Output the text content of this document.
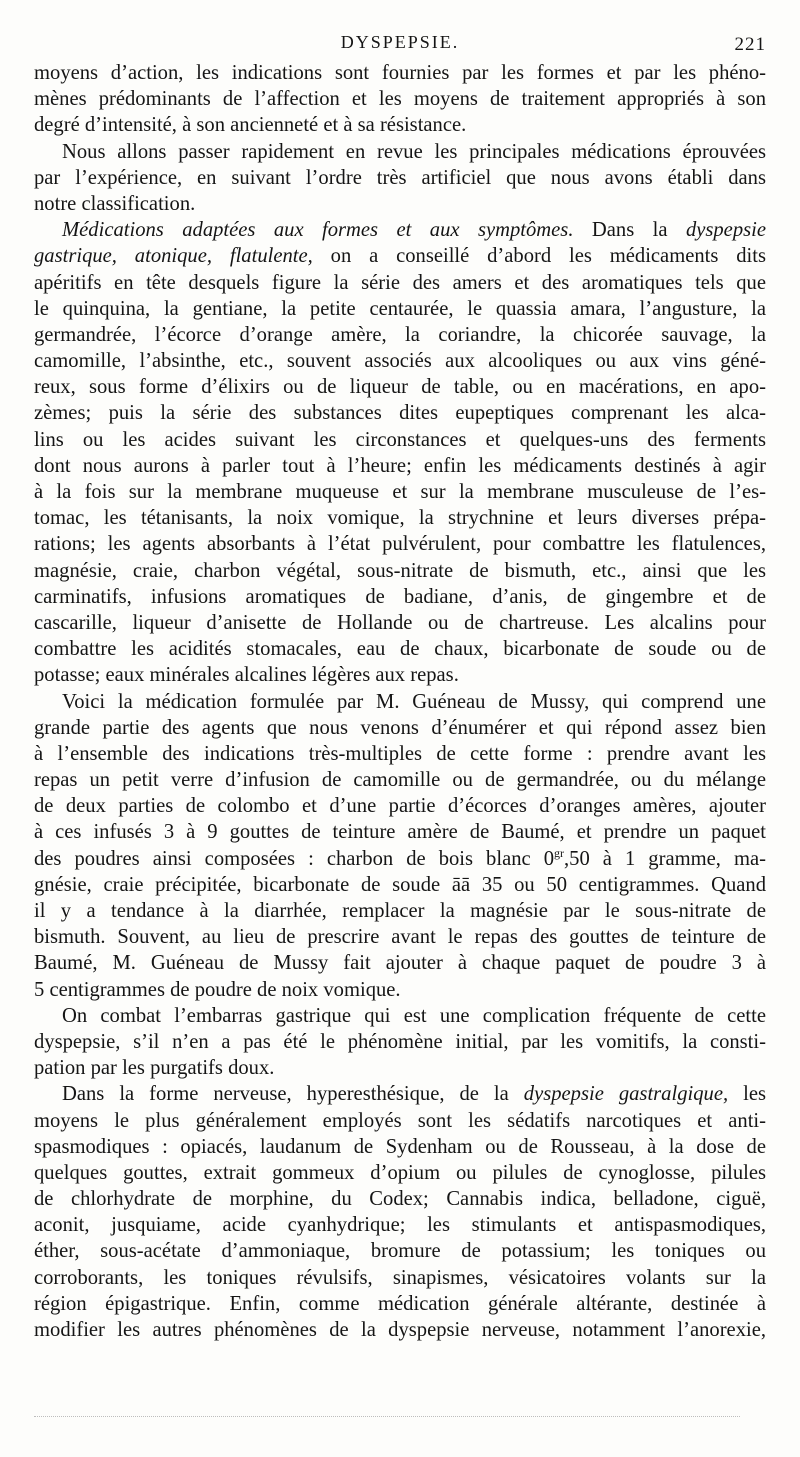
DYSPEPSIE.	221
moyens d’action, les indications sont fournies par les formes et par les phéno-
mènes prédominants de l’affection et les moyens de traitement appropriés à son
degré d’intensité, à son ancienneté et à sa résistance.
Nous allons passer rapidement en revue les principales médications éprouvées
par l’expérience, en suivant l’ordre très artificiel que nous avons établi dans
notre classification.
Médications adaptées aux formes et aux symptômes. Dans la dyspepsie
gastrique, atonique, flatulente, on a conseillé d’abord les médicaments dits
apéritifs en tête desquels figure la série des amers et des aromatiques tels que
le quinquina, la gentiane, la petite centaurée, le quassia amara, l’angusture, la
germandrée, l’écorce d’orange amère, la coriandre, la chicorée sauvage, la
camomille, l’absinthe, etc., souvent associés aux alcooliques ou aux vins géné-
reux, sous forme d’élixirs ou de liqueur de table, ou en macérations, en apo-
zèmes; puis la série des substances dites eupeptiques comprenant les alca-
lins ou les acides suivant les circonstances et quelques-uns des ferments
dont nous aurons à parler tout à l’heure; enfin les médicaments destinés à agir
à la fois sur la membrane muqueuse et sur la membrane musculeuse de l’es-
tomac, les tétanisants, la noix vomique, la strychnine et leurs diverses prépa-
rations; les agents absorbants à l’état pulvérulent, pour combattre les flatulences,
magnésie, craie, charbon végétal, sous-nitrate de bismuth, etc., ainsi que les
carminatifs, infusions aromatiques de badiane, d’anis, de gingembre et de
cascarille, liqueur d’anisette de Hollande ou de chartreuse. Les alcalins pour
combattre les acidités stomacales, eau de chaux, bicarbonate de soude ou de
potasse; eaux minérales alcalines légères aux repas.
Voici la médication formulée par M. Guéneau de Mussy, qui comprend une
grande partie des agents que nous venons d’énumérer et qui répond assez bien
à l’ensemble des indications très-multiples de cette forme : prendre avant les
repas un petit verre d’infusion de camomille ou de germandrée, ou du mélange
de deux parties de colombo et d’une partie d’écorces d’oranges amères, ajouter
à ces infusés 3 à 9 gouttes de teinture amère de Baumé, et prendre un paquet
des poudres ainsi composées : charbon de bois blanc $0^{gr},50$ à 1 gramme, ma-
gnésie, craie précipitée, bicarbonate de soude āā 35 ou 50 centigrammes. Quand
il y a tendance à la diarrhée, remplacer la magnésie par le sous-nitrate de
bismuth. Souvent, au lieu de prescrire avant le repas des gouttes de teinture de
Baumé, M. Guéneau de Mussy fait ajouter à chaque paquet de poudre 3 à
5 centigrammes de poudre de noix vomique.
On combat l’embarras gastrique qui est une complication fréquente de cette
dyspepsie, s’il n’en a pas été le phénomène initial, par les vomitifs, la consti-
pation par les purgatifs doux.
Dans la forme nerveuse, hyperesthésique, de la dyspepsie gastralgique, les
moyens le plus généralement employés sont les sédatifs narcotiques et anti-
spasmodiques : opiacés, laudanum de Sydenham ou de Rousseau, à la dose de
quelques gouttes, extrait gommeux d’opium ou pilules de cynoglosse, pilules
de chlorhydrate de morphine, du Codex; Cannabis indica, belladone, ciguë,
aconit, jusquiame, acide cyanhydrique; les stimulants et antispasmodiques,
éther, sous-acétate d’ammoniaque, bromure de potassium; les toniques ou
corroborants, les toniques révulsifs, sinapismes, vésicatoires volants sur la
région épigastrique. Enfin, comme médication générale altérante, destinée à
modifier les autres phénomènes de la dyspepsie nerveuse, notamment l’anorexie,
